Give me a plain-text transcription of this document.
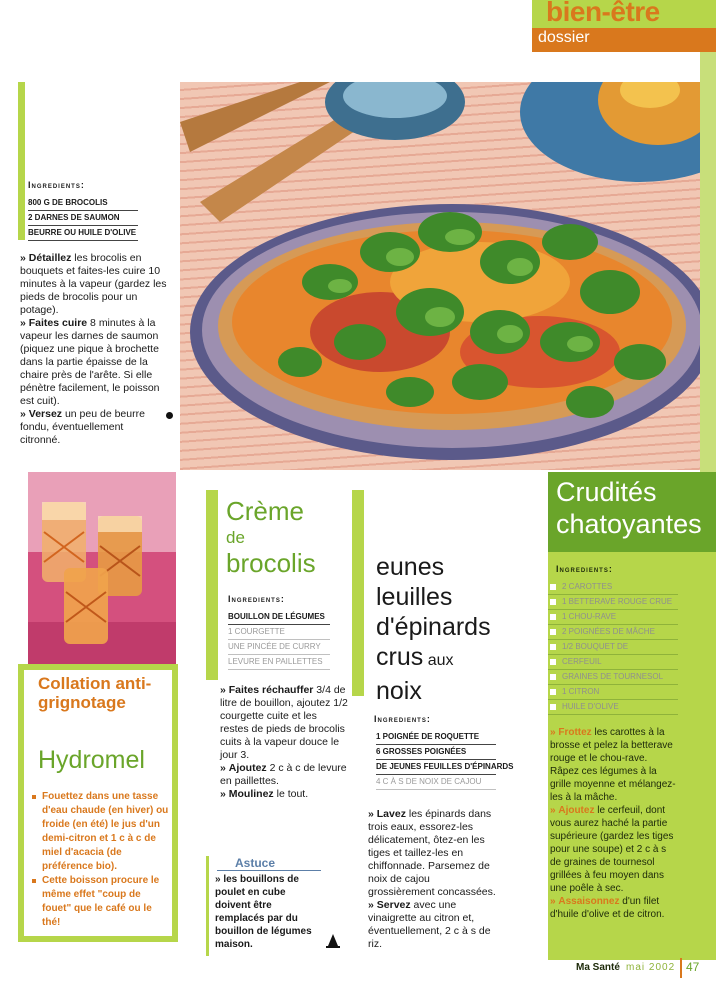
bien-être
dossier
Ingredients:
800 G DE BROCOLIS
2 DARNES DE SAUMON
BEURRE OU HUILE D'OLIVE
» Détaillez les brocolis en bouquets et faites-les cuire 10 minutes à la vapeur (gardez les pieds de brocolis pour un potage).
» Faites cuire 8 minutes à la vapeur les darnes de saumon (piquez une pique à brochette dans la partie épaisse de la chaire près de l'arête. Si elle pénètre facilement, le poisson est cuit).
» Versez un peu de beurre fondu, éventuellement citronné.
Collation anti-grignotage
Hydromel
Fouettez dans une tasse d'eau chaude (en hiver) ou froide (en été) le jus d'un demi-citron et 1 c à c de miel d'acacia (de préférence bio).
Cette boisson procure le même effet "coup de fouet" que le café ou le thé!
Crème
de
brocolis
Ingredients:
BOUILLON DE LÉGUMES
1 COURGETTE
UNE PINCÉE DE CURRY
LEVURE EN PAILLETTES
» Faites réchauffer 3/4 de litre de bouillon, ajoutez 1/2 courgette cuite et les restes de pieds de brocolis cuits à la vapeur douce le jour 3.
» Ajoutez 2 c à c de levure en paillettes.
» Moulinez le tout.
Astuce
» les bouillons de poulet en cube doivent être remplacés par du bouillon de légumes maison.
eunes
leuilles
d'épinards
crus aux
noix
Ingredients:
1 POIGNÉE DE ROQUETTE
6 GROSSES POIGNÉES
DE JEUNES FEUILLES D'ÉPINARDS
4 C À S DE NOIX DE CAJOU
» Lavez les épinards dans trois eaux, essorez-les délicatement, ôtez-en les tiges et taillez-les en chiffonnade. Parsemez de noix de cajou grossièrement concassées.
» Servez avec une vinaigrette au citron et, éventuellement, 2 c à s de riz.
Crudités
chatoyantes
Ingredients:
2 CAROTTES
1 BETTERAVE ROUGE CRUE
1 CHOU-RAVE
2 POIGNÉES DE MÂCHE
1/2 BOUQUET DE
CERFEUIL
GRAINES DE TOURNESOL
1 CITRON
HUILE D'OLIVE
» Frottez les carottes à la brosse et pelez la betterave rouge et le chou-rave. Râpez ces légumes à la grille moyenne et mélangez-les à la mâche.
» Ajoutez le cerfeuil, dont vous aurez haché la partie supérieure (gardez les tiges pour une soupe) et 2 c à s de graines de tournesol grillées à feu moyen dans une poêle à sec.
» Assaisonnez d'un filet d'huile d'olive et de citron.
Ma Santé mai 2002 47
